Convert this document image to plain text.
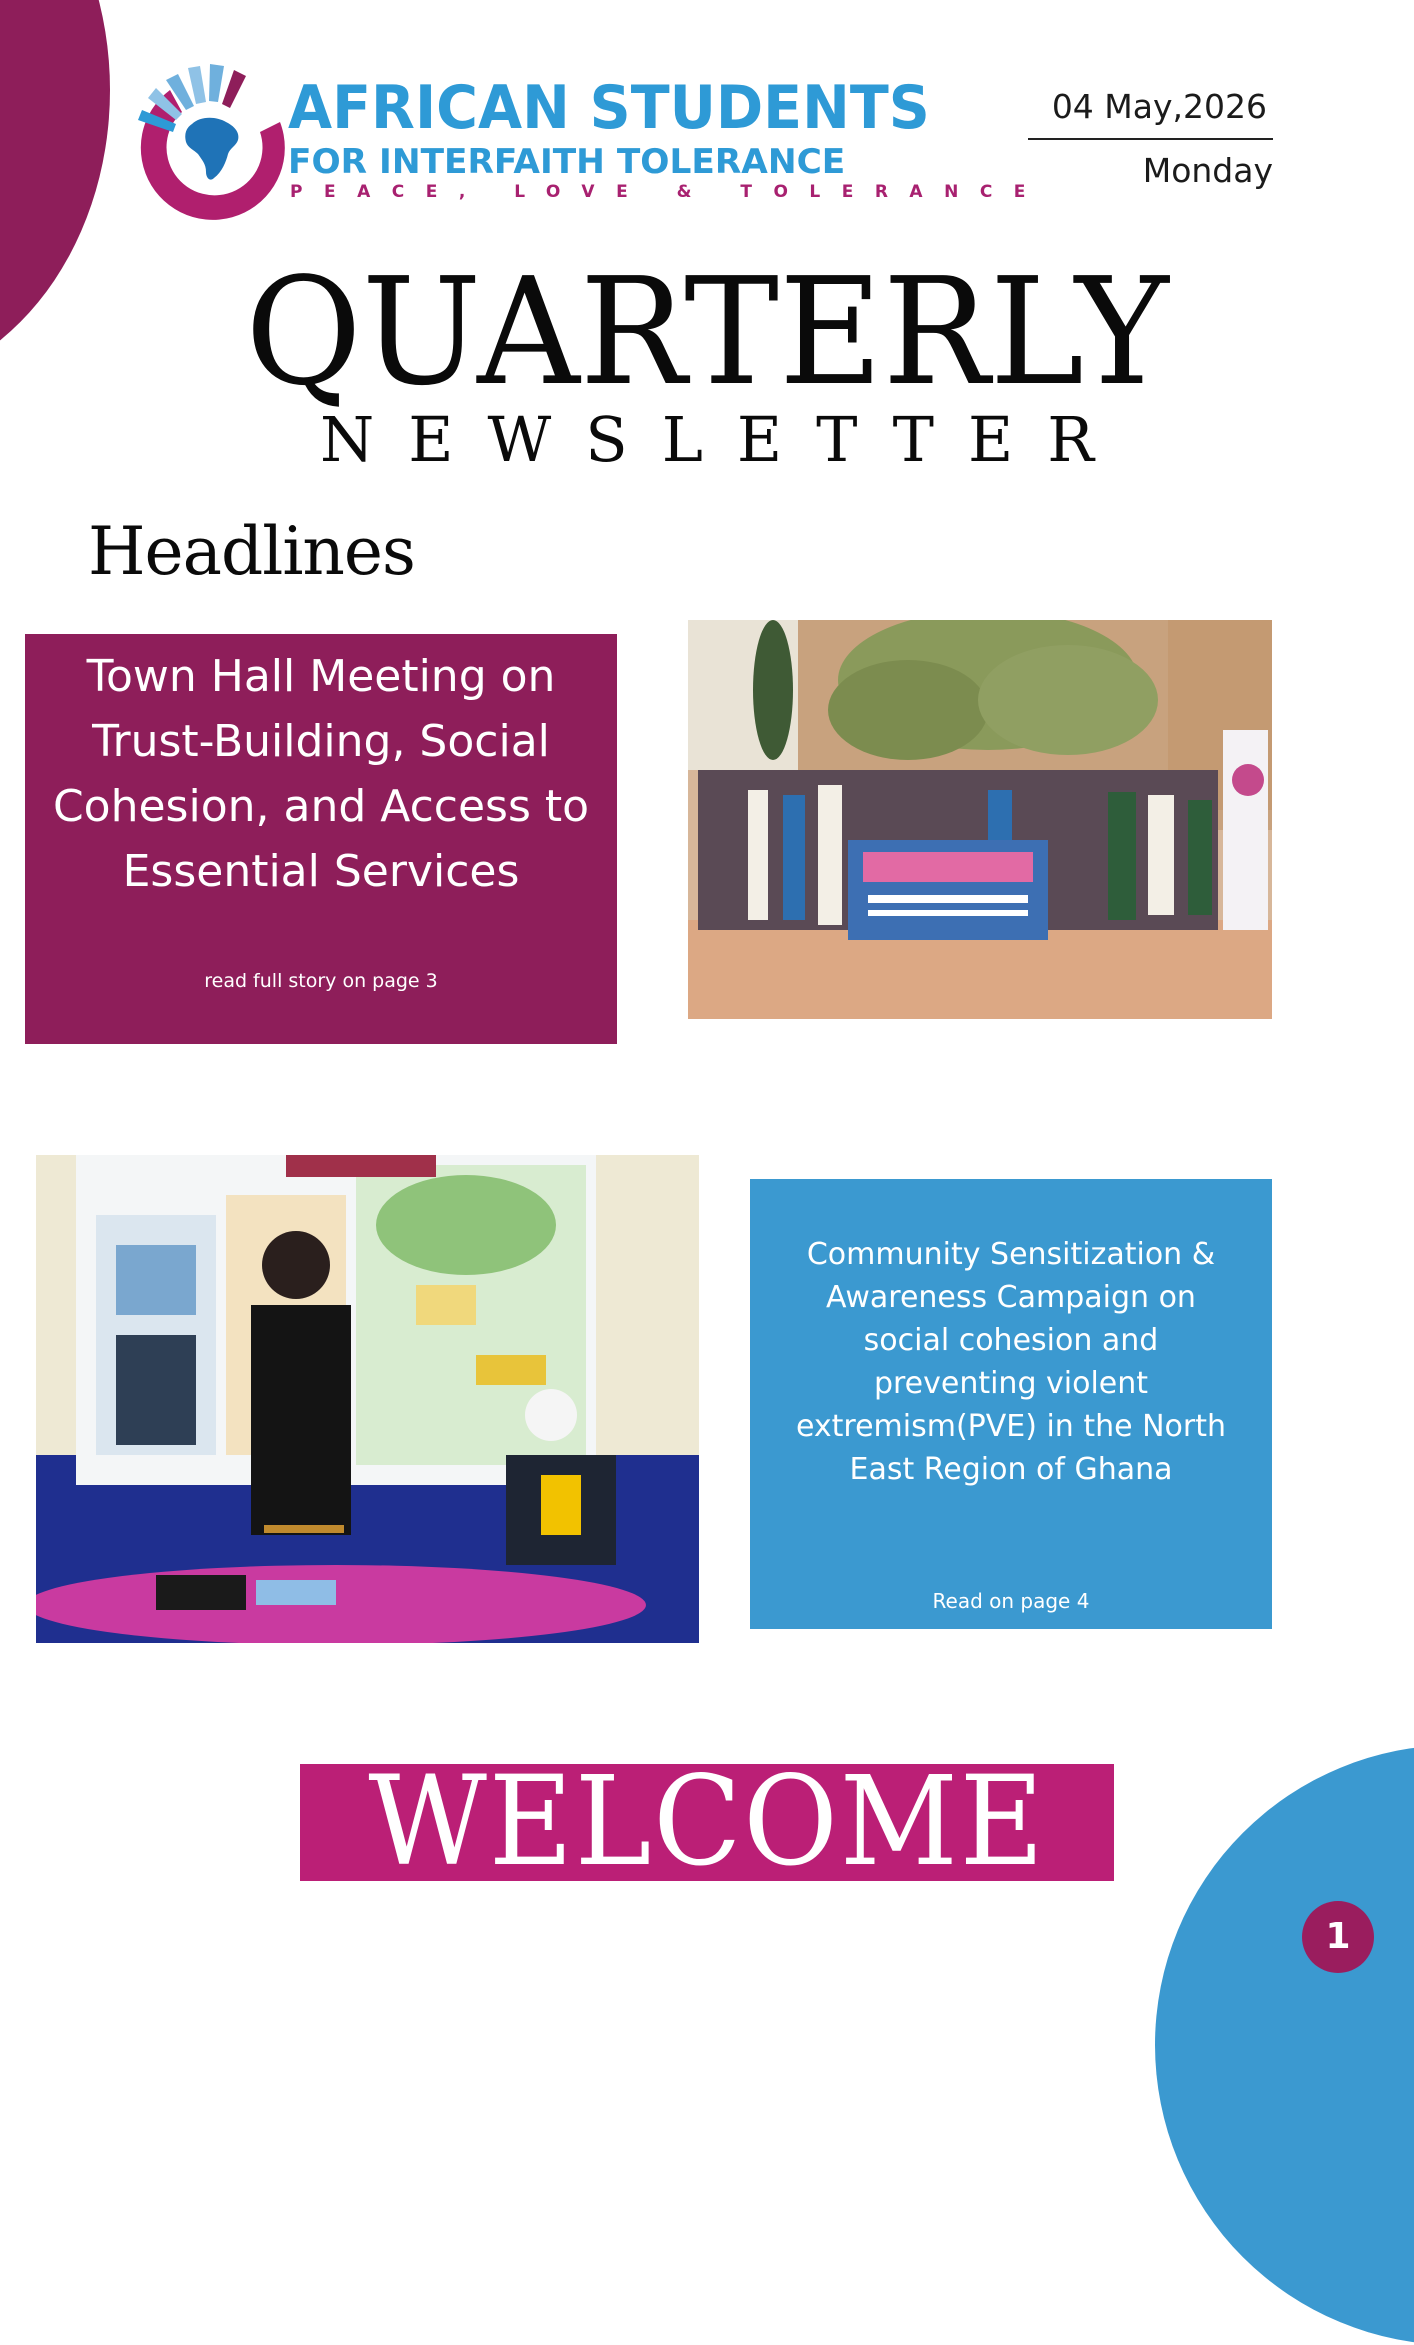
AFRICAN STUDENTS
FOR INTERFAITH TOLERANCE
PEACE, LOVE & TOLERANCE
04 May,2026
Monday
QUARTERLY
NEWSLETTER
Headlines
Town Hall Meeting on Trust-Building, Social Cohesion, and Access to Essential Services
read full story on page 3
Community Sensitization & Awareness Campaign on social cohesion and preventing violent extremism(PVE) in the North East Region of Ghana
Read on page 4
WELCOME
1
